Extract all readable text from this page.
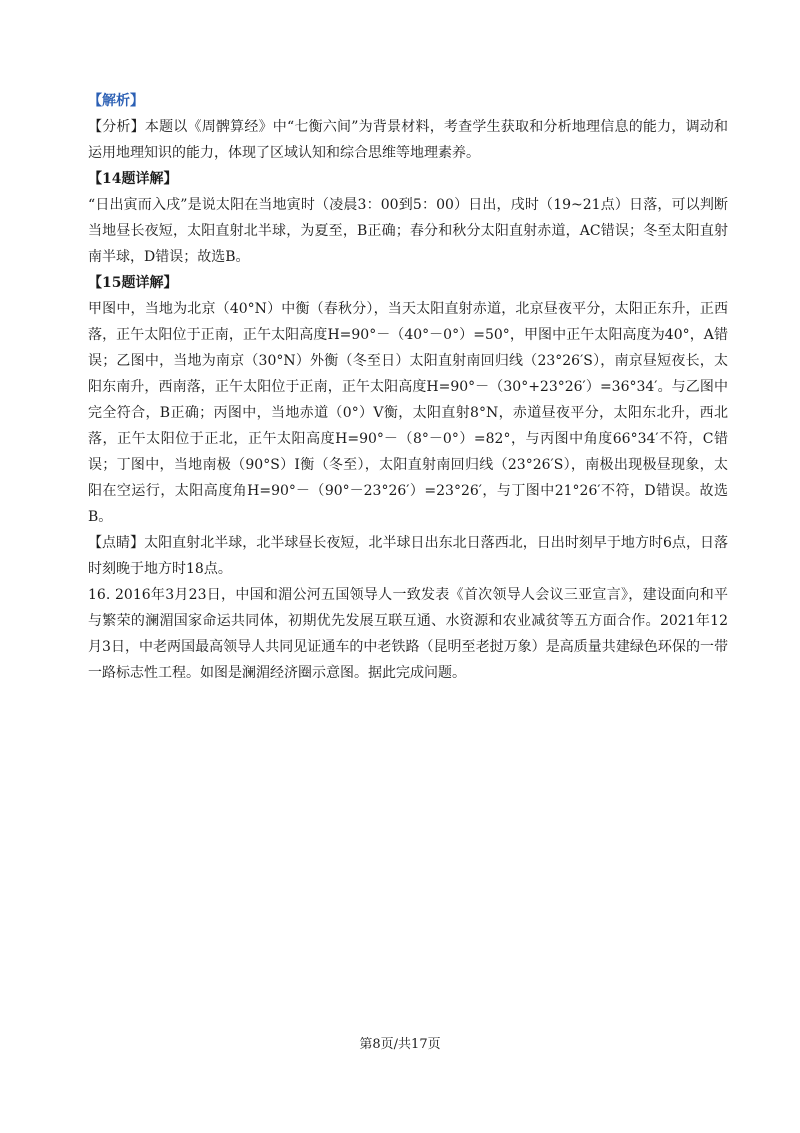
【解析】

【分析】本题以《周髀算经》中“七衡六间”为背景材料，考查学生获取和分析地理信息的能力，调动和运用地理知识的能力，体现了区域认知和综合思维等地理素养。

【14题详解】

“日出寅而入戌”是说太阳在当地寅时（凌晨3：00到5：00）日出，戌时（19~21点）日落，可以判断当地昼长夜短，太阳直射北半球，为夏至，B正确；春分和秋分太阳直射赤道，AC错误；冬至太阳直射南半球，D错误；故选B。

【15题详解】

甲图中，当地为北京（40°N）中衡（春秋分），当天太阳直射赤道，北京昼夜平分，太阳正东升，正西落，正午太阳位于正南，正午太阳高度H=90°－（40°－0°）=50°，甲图中正午太阳高度为40°，A错误；乙图中，当地为南京（30°N）外衡（冬至日）太阳直射南回归线（23°26′S），南京昼短夜长，太阳东南升，西南落，正午太阳位于正南，正午太阳高度H=90°－（30°+23°26′）=36°34′。与乙图中完全符合，B正确；丙图中，当地赤道（0°）V衡，太阳直射8°N，赤道昼夜平分，太阳东北升，西北落，正午太阳位于正北，正午太阳高度H=90°－（8°－0°）=82°，与丙图中角度66°34′不符，C错误；丁图中，当地南极（90°S）I衡（冬至），太阳直射南回归线（23°26′S），南极出现极昼现象，太阳在空运行，太阳高度角H=90°－（90°－23°26′）=23°26′，与丁图中21°26′不符，D错误。故选B。

【点睛】太阳直射北半球，北半球昼长夜短，北半球日出东北日落西北，日出时刻早于地方时6点，日落时刻晚于地方时18点。

16. 2016年3月23日，中国和湄公河五国领导人一致发表《首次领导人会议三亚宣言》，建设面向和平与繁荣的澜湄国家命运共同体，初期优先发展互联互通、水资源和农业减贫等五方面合作。2021年12月3日，中老两国最高领导人共同见证通车的中老铁路（昆明至老挝万象）是高质量共建绿色环保的一带一路标志性工程。如图是澜湄经济圈示意图。据此完成问题。

第8页/共17页
